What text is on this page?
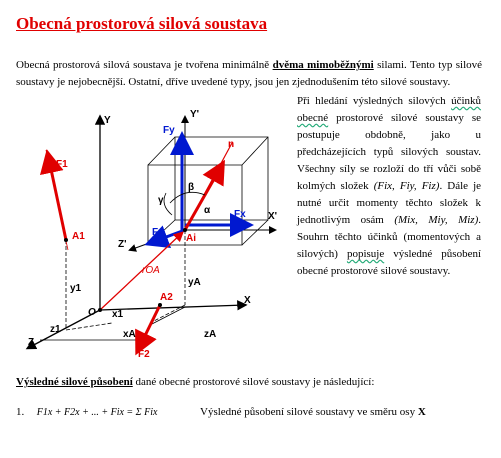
Obecná prostorová silová soustava

Obecná prostorová silová soustava je tvořena minimálně dvěma mimoběžnými silami. Tento typ silové soustavy je nejobecnější. Ostatní, dříve uvedené typy, jsou jen zjednodušením této silové soustavy.

Při hledání výsledných silových účinků obecné prostorové silové soustavy se postupuje obdobně, jako u předcházejících typů silových soustav. Všechny síly se rozloží do tří vůči sobě kolmých složek (Fix, Fiy, Fiz). Dále je nutné určit momenty těchto složek k jednotlivým osám (Mix, Miy, Miz). Souhrn těchto účinků (momentových a silových) popisuje výsledné působení obecné prostorové silové soustavy.

F1
A1
y1
O x1
z1	xA	zA
yA
A2
F2
X
Y
Z
X'
Y'
Z'
Fy
Fx
Fz
Fi
Ai
n
rOA
β
γ
α
Výsledné silové působení dané obecné prostorové silové soustavy je následující:
1. F1x + F2x + ... + Fix = Σ Fix	Výsledné působení silové soustavy ve směru osy X
